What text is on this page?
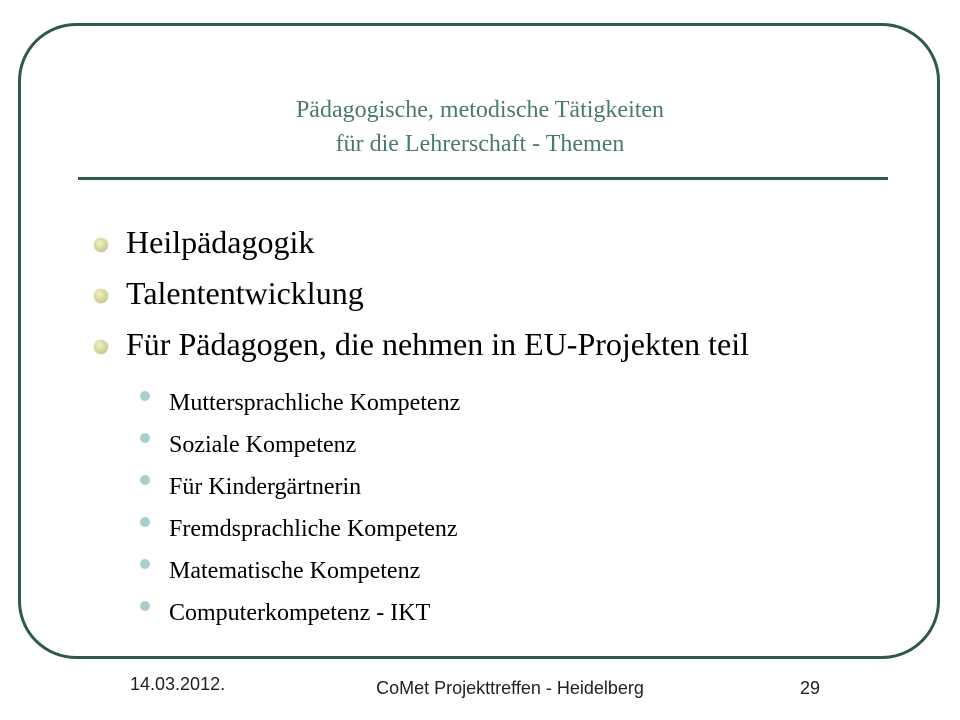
Pädagogische, metodische Tätigkeiten
für die Lehrerschaft - Themen
Heilpädagogik
Talententwicklung
Für Pädagogen, die nehmen in EU-Projekten teil
Muttersprachliche Kompetenz
Soziale Kompetenz
Für Kindergärtnerin
Fremdsprachliche Kompetenz
Matematische Kompetenz
Computerkompetenz - IKT
14.03.2012.	CoMet Projekttreffen - Heidelberg	29
